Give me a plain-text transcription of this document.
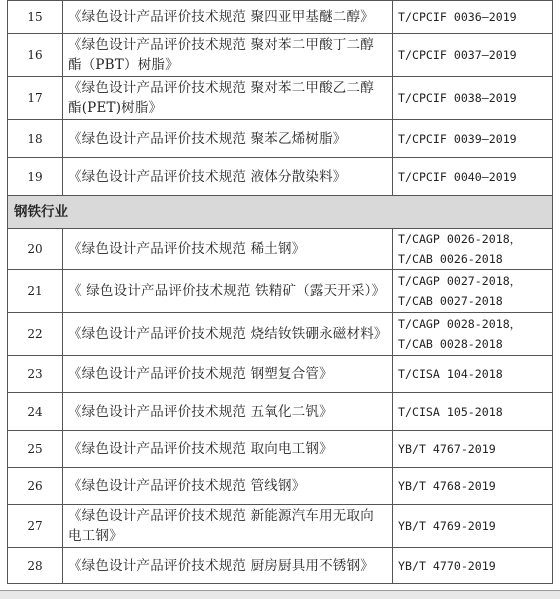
15	《绿色设计产品评价技术规范 聚四亚甲基醚二醇》	T/CPCIF 0036—2019
16	《绿色设计产品评价技术规范 聚对苯二甲酸丁二醇酯（PBT）树脂》	T/CPCIF 0037—2019
17	《绿色设计产品评价技术规范 聚对苯二甲酸乙二醇酯(PET)树脂》	T/CPCIF 0038—2019
18	《绿色设计产品评价技术规范 聚苯乙烯树脂》	T/CPCIF 0039—2019
19	《绿色设计产品评价技术规范 液体分散染料》	T/CPCIF 0040—2019
钢铁行业		
20	《绿色设计产品评价技术规范 稀土钢》	T/CAGP 0026-2018，
T/CAB 0026-2018
21	《 绿色设计产品评价技术规范 铁精矿（露天开采）》	T/CAGP 0027-2018，
T/CAB 0027-2018
22	《绿色设计产品评价技术规范 烧结钕铁硼永磁材料》	T/CAGP 0028-2018，
T/CAB 0028-2018
23	《绿色设计产品评价技术规范 钢塑复合管》	T/CISA 104-2018
24	《绿色设计产品评价技术规范 五氧化二钒》	T/CISA 105-2018
25	《绿色设计产品评价技术规范 取向电工钢》	YB/T 4767-2019
26	《绿色设计产品评价技术规范 管线钢》	YB/T 4768-2019
27	《绿色设计产品评价技术规范 新能源汽车用无取向电工钢》	YB/T 4769-2019
28	《绿色设计产品评价技术规范 厨房厨具用不锈钢》	YB/T 4770-2019
